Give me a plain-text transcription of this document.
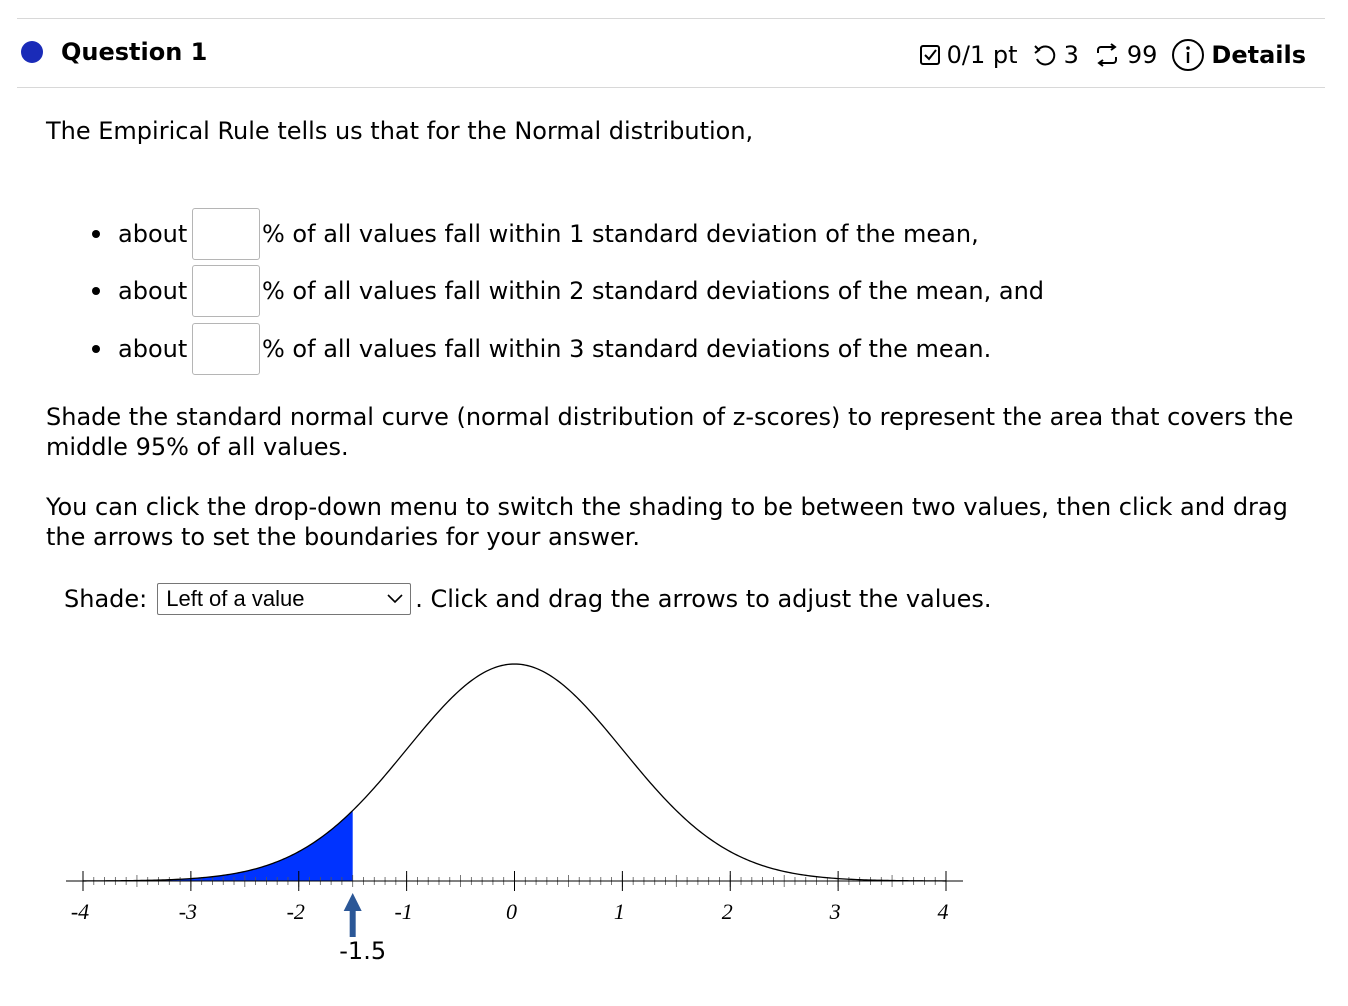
Question 1	0/1 pt 3 99 Details
The Empirical Rule tells us that for the Normal distribution,
about	% of all values fall within 1 standard deviation of the mean,
about	% of all values fall within 2 standard deviations of the mean, and
about	% of all values fall within 3 standard deviations of the mean.
Shade the standard normal curve (normal distribution of z-scores) to represent the area that covers the middle 95% of all values.
You can click the drop-down menu to switch the shading to be between two values, then click and drag the arrows to set the boundaries for your answer.
Shade: Left of a value	. Click and drag the arrows to adjust the values.
-4	-3	-2	-1	0	1	2	3	4
-1.5
